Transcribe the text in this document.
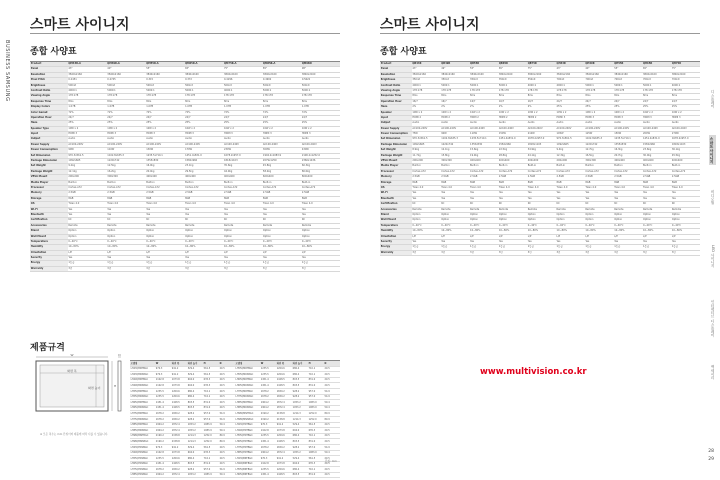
BUSINESS SAMSUNG
스마트 사이니지
종합 사양표
Product	QM43R-A	QM49R-A	QM55R-A	QM65R-A	QM75R-A	QM85R-A	QM98N
Panel	43"	49"	55"	65"	75"	85"	98"
Resolution	3840x2160	3840x2160	3840x2160	3840x2160	3840x2160	3840x2160	3840x2160
Pixel Pitch	0.2451	0.2745	0.315	0.372	0.4296	0.4902	0.5622
Brightness	500nit	500nit	500nit	500nit	500nit	500nit	500nit
Contrast Ratio	4000:1	5000:1	5000:1	5000:1	4000:1	5000:1	5000:1
Viewing Angle	178:178	178:178	178:178	178:178	178:178	178:178	178:178
Response Time	8ms	8ms	8ms	8ms	8ms	8ms	8ms
Display Colors	1.07B	1.07B	1.07B	1.07B	1.07B	1.07B	1.07B
Color Gamut	72%	72%	72%	72%	72%	72%	72%
Operation Hour	24/7	24/7	24/7	24/7	24/7	24/7	24/7
Haze	25%	25%	25%	25%	25%	25%	25%
Speaker Type	10W x 2	10W x 2	10W x 2	10W x 2	10W x 2	10W x 2	10W x 2
Input	HDMI 3	HDMI 3	HDMI 3	HDMI 3	HDMI 3	HDMI 3	HDMI 3
Output	Audio	Audio	Audio	Audio	Audio	Audio	Audio
Power Supply	AC100-240V	AC100-240V	AC100-240V	AC100-240V	AC100-240V	AC100-240V	AC100-240V
Power Consumption	90W	110W	130W	170W	230W	300W	430W
Set Dimension	970.3x561.5	1102.8x635.3	1235.5x710.1	1451.4x831.0	1678.2x957.0	1904.2x1083.9	2190.2x1252.0
Package Dimension	1092x665	1220x742	1355x830	1582x960	1818x1103	2079x1259	2360x1436
Set Weight	9.2kg	12.5kg	16.0kg	23.1kg	35.6kg	45.8kg	60.3kg
Package Weight	12.1kg	16.2kg	20.4kg	29.5kg	44.9kg	58.2kg	80.0kg
VESA Mount	200x200	300x300	400x400	400x400	400x400	600x400	800x400
Media Player	Built-in	Built-in	Built-in	Built-in	Built-in	Built-in	Built-in
Processor	Cortex-A72	Cortex-A72	Cortex-A72	Cortex-A72	Cortex-A72	Cortex-A72	Cortex-A72
Memory	2.5GB	2.5GB	2.5GB	2.5GB	2.5GB	2.5GB	2.5GB
Storage	8GB	8GB	8GB	8GB	8GB	8GB	8GB
OS	Tizen 4.0	Tizen 4.0	Tizen 4.0	Tizen 4.0	Tizen 4.0	Tizen 4.0	Tizen 4.0
Wi-Fi	Yes	Yes	Yes	Yes	Yes	Yes	Yes
Bluetooth	Yes	Yes	Yes	Yes	Yes	Yes	Yes
Certification	KC	KC	KC	KC	KC	KC	KC
Accessories	Remote	Remote	Remote	Remote	Remote	Remote	Remote
Stand	Option	Option	Option	Option	Option	Option	Option
Wall Mount	Option	Option	Option	Option	Option	Option	Option
Temperature	0~40℃	0~40℃	0~40℃	0~40℃	0~40℃	0~40℃	0~40℃
Humidity	10~80%	10~80%	10~80%	10~80%	10~80%	10~80%	10~80%
Orientation	L/P	L/P	L/P	L/P	L/P	L/P	L/P
Security	Yes	Yes	Yes	Yes	Yes	Yes	Yes
Energy	1등급	1등급	1등급	1등급	1등급	1등급	1등급
Warranty	3년	3년	3년	3년	3년	3년	3년
제품규격
W
화면 폭
H
화면 높이
D
※ 모든 치수는 mm 단위이며 제품에 따라 다를 수 있습니다.
모델명	W	화면 폭	화면 높이	H	D	모델명	W	화면 폭	화면 높이	H	D
LH43QMRTBGC	970.3	941.2	529.4	561.5	29.5	LH55QMRTBGC	1235.5	1209.6	680.4	710.1	29.5
LH43QMRSBGC	970.3	941.2	529.4	561.5	29.5	LH55QMRSBGC	1235.5	1209.6	680.4	710.1	29.5
LH49QMRTBGC	1102.8	1073.8	604.0	635.3	29.5	LH65QMRTBGC	1451.4	1428.5	803.5	831.0	29.5
LH49QMRSBGC	1102.8	1073.8	604.0	635.3	29.5	LH65QMRSBGC	1451.4	1428.5	803.5	831.0	29.5
LH55QMRTBGC	1235.5	1209.6	680.4	710.1	29.5	LH75QMRTBGC	1678.2	1650.2	928.2	957.0	54.9
LH55QMRSBGC	1235.5	1209.6	680.4	710.1	29.5	LH75QMRSBGC	1678.2	1650.2	928.2	957.0	54.9
LH65QMRTBGC	1451.4	1428.5	803.5	831.0	29.5	LH85QMRTBGC	1904.2	1872.4	1053.2	1083.9	59.4
LH65QMRSBGC	1451.4	1428.5	803.5	831.0	29.5	LH85QMRSBGC	1904.2	1872.4	1053.2	1083.9	59.4
LH75QMRTBGC	1678.2	1650.2	928.2	957.0	54.9	LH98QMNTBGC	2190.2	2158.8	1214.3	1252.0	89.9
LH75QMRSBGC	1678.2	1650.2	928.2	957.0	54.9	LH98QMNSBGC	2190.2	2158.8	1214.3	1252.0	89.9
LH85QMRTBGC	1904.2	1872.4	1053.2	1083.9	59.4	LH43QHRTBGC	970.3	941.2	529.4	561.5	29.5
LH85QMRSBGC	1904.2	1872.4	1053.2	1083.9	59.4	LH49QHRTBGC	1102.8	1073.8	604.0	635.3	29.5
LH98QMNTBGC	2190.2	2158.8	1214.3	1252.0	89.9	LH55QHRTBGC	1235.5	1209.6	680.4	710.1	29.5
LH98QMNSBGC	2190.2	2158.8	1214.3	1252.0	89.9	LH65QHRTBGC	1451.4	1428.5	803.5	831.0	29.5
LH43QHRSBGC	970.3	941.2	529.4	561.5	29.5	LH75QHRTBGC	1678.2	1650.2	928.2	957.0	54.9
LH49QHRSBGC	1102.8	1073.8	604.0	635.3	29.5	LH85QHRTBGC	1904.2	1872.4	1053.2	1083.9	59.4
LH55QHRSBGC	1235.5	1209.6	680.4	710.1	29.5	LH43QBRTBGC	970.3	941.2	529.4	561.5	29.5
LH65QHRSBGC	1451.4	1428.5	803.5	831.0	29.5	LH49QBRTBGC	1102.8	1073.8	604.0	635.3	29.5
LH75QHRSBGC	1678.2	1650.2	928.2	957.0	54.9	LH55QBRTBGC	1235.5	1209.6	680.4	710.1	29.5
LH85QHRSBGC	1904.2	1872.4	1053.2	1083.9	59.4	LH65QBRTBGC	1451.4	1428.5	803.5	831.0	29.5
단위: mm
스마트 사이니지
종합 사양표
Product	QB43R	QB49R	QB55R	QB65R	QB75R	QH43R	QH49R	QH55R	QH65R	QH75R
Panel	43"	49"	55"	65"	75"	43"	49"	55"	65"	75"
Resolution	3840x2160	3840x2160	3840x2160	3840x2160	3840x2160	3840x2160	3840x2160	3840x2160	3840x2160	3840x2160
Brightness	350nit	350nit	350nit	350nit	350nit	700nit	700nit	700nit	700nit	700nit
Contrast Ratio	4000:1	5000:1	5000:1	5000:1	4000:1	4000:1	5000:1	5000:1	5000:1	4000:1
Viewing Angle	178:178	178:178	178:178	178:178	178:178	178:178	178:178	178:178	178:178	178:178
Response Time	8ms	8ms	8ms	8ms	8ms	8ms	8ms	8ms	8ms	8ms
Operation Hour	16/7	16/7	16/7	16/7	16/7	24/7	24/7	24/7	24/7	24/7
Haze	2%	2%	2%	2%	2%	25%	25%	25%	25%	25%
Speaker	10W x 2	10W x 2	10W x 2	10W x 2	10W x 2	10W x 2	10W x 2	10W x 2	10W x 2	10W x 2
Input	HDMI 2	HDMI 2	HDMI 2	HDMI 2	HDMI 2	HDMI 3	HDMI 3	HDMI 3	HDMI 3	HDMI 3
Output	Audio	Audio	Audio	Audio	Audio	Audio	Audio	Audio	Audio	Audio
Power Supply	AC100-240V	AC100-240V	AC100-240V	AC100-240V	AC100-240V	AC100-240V	AC100-240V	AC100-240V	AC100-240V	AC100-240V
Power Consumption	75W	90W	110W	150W	210W	105W	125W	150W	200W	270W
Set Dimension	970.3x561.5	1102.8x635.3	1235.5x710.1	1451.4x831.0	1678.2x957.0	970.3x561.5	1102.8x635.3	1235.5x710.1	1451.4x831.0	1678.2x957.0
Package Dimension	1092x665	1220x742	1355x830	1582x960	1818x1103	1092x665	1220x742	1355x830	1582x960	1818x1103
Set Weight	8.9kg	12.1kg	15.6kg	22.5kg	34.9kg	9.4kg	12.7kg	16.3kg	23.6kg	36.1kg
Package Weight	11.7kg	15.8kg	19.9kg	28.8kg	44.1kg	12.3kg	16.5kg	20.7kg	30.0kg	45.5kg
VESA Mount	200x200	300x300	400x400	400x400	400x400	200x200	300x300	400x400	400x400	400x400
Media Player	Built-in	Built-in	Built-in	Built-in	Built-in	Built-in	Built-in	Built-in	Built-in	Built-in
Processor	Cortex-A72	Cortex-A72	Cortex-A72	Cortex-A72	Cortex-A72	Cortex-A72	Cortex-A72	Cortex-A72	Cortex-A72	Cortex-A72
Memory	2.5GB	2.5GB	2.5GB	2.5GB	2.5GB	2.5GB	2.5GB	2.5GB	2.5GB	2.5GB
Storage	8GB	8GB	8GB	8GB	8GB	8GB	8GB	8GB	8GB	8GB
OS	Tizen 4.0	Tizen 4.0	Tizen 4.0	Tizen 4.0	Tizen 4.0	Tizen 4.0	Tizen 4.0	Tizen 4.0	Tizen 4.0	Tizen 4.0
Wi-Fi	Yes	Yes	Yes	Yes	Yes	Yes	Yes	Yes	Yes	Yes
Bluetooth	Yes	Yes	Yes	Yes	Yes	Yes	Yes	Yes	Yes	Yes
Certification	KC	KC	KC	KC	KC	KC	KC	KC	KC	KC
Accessories	Remote	Remote	Remote	Remote	Remote	Remote	Remote	Remote	Remote	Remote
Stand	Option	Option	Option	Option	Option	Option	Option	Option	Option	Option
Wall Mount	Option	Option	Option	Option	Option	Option	Option	Option	Option	Option
Temperature	0~40℃	0~40℃	0~40℃	0~40℃	0~40℃	0~40℃	0~40℃	0~40℃	0~40℃	0~40℃
Humidity	10~80%	10~80%	10~80%	10~80%	10~80%	10~80%	10~80%	10~80%	10~80%	10~80%
Orientation	L/P	L/P	L/P	L/P	L/P	L/P	L/P	L/P	L/P	L/P
Security	Yes	Yes	Yes	Yes	Yes	Yes	Yes	Yes	Yes	Yes
Energy	1등급	1등급	1등급	1등급	1등급	1등급	1등급	1등급	1등급	1등급
Warranty	3년	3년	3년	3년	3년	3년	3년	3년	3년	3년
디스플레이
스마트 사이니지
비디오월
LED 사이니지
인터랙티브 디스플레이
액세서리
28
29
www.multivision.co.kr
